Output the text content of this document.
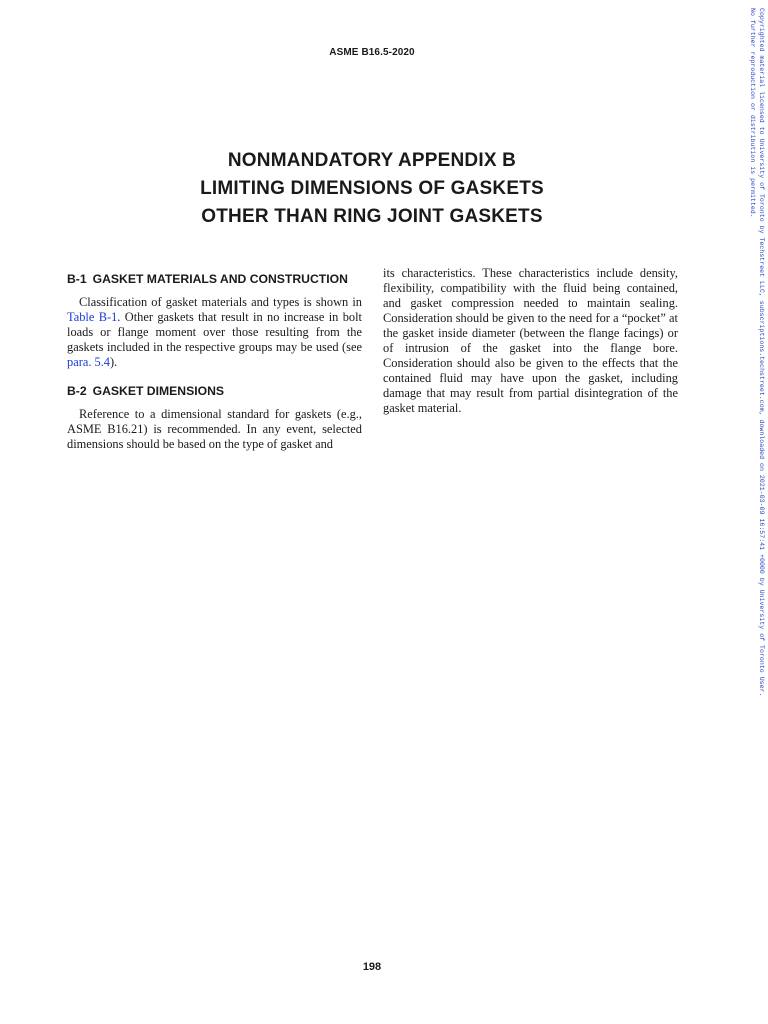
ASME B16.5-2020
NONMANDATORY APPENDIX B
LIMITING DIMENSIONS OF GASKETS
OTHER THAN RING JOINT GASKETS
B-1 GASKET MATERIALS AND CONSTRUCTION

Classification of gasket materials and types is shown in Table B-1. Other gaskets that result in no increase in bolt loads or flange moment over those resulting from the gaskets included in the respective groups may be used (see para. 5.4).

B-2 GASKET DIMENSIONS

Reference to a dimensional standard for gaskets (e.g., ASME B16.21) is recommended. In any event, selected dimensions should be based on the type of gasket and

its characteristics. These characteristics include density, flexibility, compatibility with the fluid being contained, and gasket compression needed to maintain sealing. Consideration should be given to the need for a “pocket” at the gasket inside diameter (between the flange facings) or of intrusion of the gasket into the flange bore. Consideration should also be given to the effects that the contained fluid may have upon the gasket, including damage that may result from partial disintegration of the gasket material.

198
Copyrighted material licensed to University of Toronto by Techstreet LLC, subscriptions.techstreet.com, downloaded on 2021-03-09 16:57:41 +0000 by University of Toronto User.
No further reproduction or distribution is permitted.
